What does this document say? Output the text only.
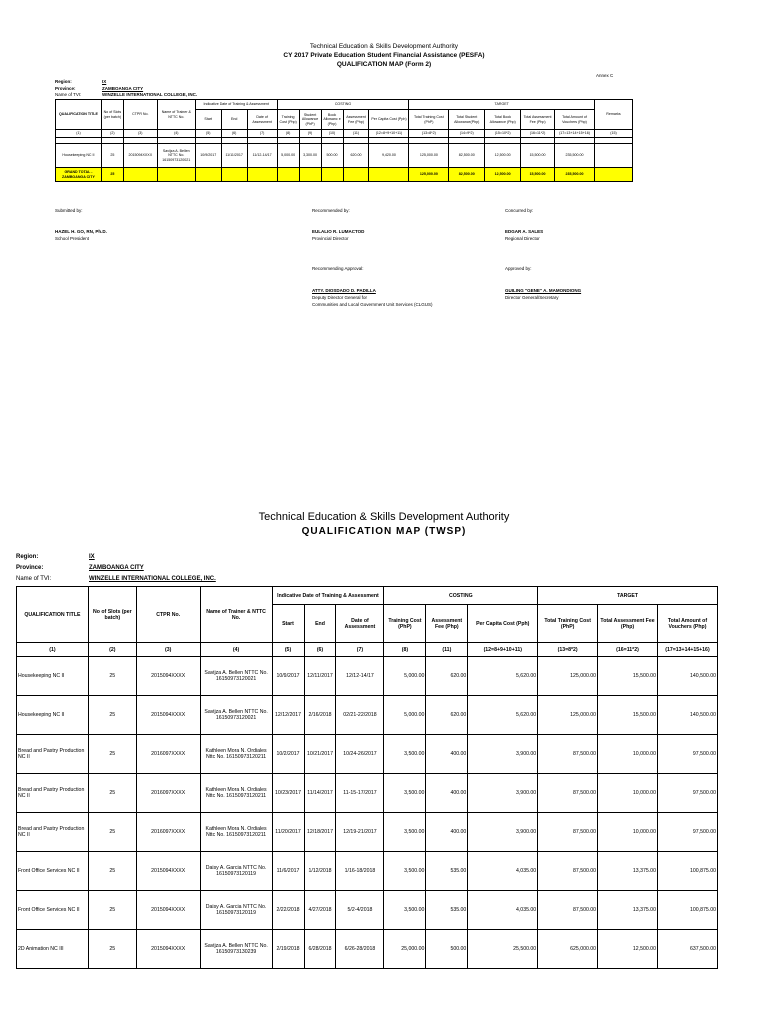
Technical Education & Skills Development Authority
CY 2017 Private Education Student Financial Assistance (PESFA)
QUALIFICATION MAP (Form 2)
Annex C
Region:	IX
Province:	ZAMBOANGA CITY
Name of TVI:	WINZELLE INTERNATIONAL COLLEGE, INC.
QUALIFICATION TITLE	No of Slots (per batch)	CTPR No.	Name of Trainer & NTTC No.	Indicative Date of Training & Assessment			COSTING					TARGET					Remarks
				Start	End	Date of Assessment	Training Cost (Php)	Student Allowance (PhP)	Book Allowanc e (Php)	Assessment Fee (Php)	Per Capita Cost (Pph)	Total Training Cost (PhP)	Total Student Allowance(Php)	Total Book Allowance (Php)	Total Assessment Fee (Php)	Total Amount of Vouchers (Php)	
(1)	(2)	(3)	(4)	(5)	(6)	(7)	(8)	(9)	(10)	(11)	(12=8+9+10+11)	(13=8*2)	(14=9*2)	(15=10*2)	(16=11*2)	(17=13+14+15+16)	(15)

Housekeeping NC II	25	2015094XXXX	Savijza A. Bellen NTTC No. 16150973120021	10/9/2017	11/11/2017	11/12-14/17	5,000.00	3,300.00	500.00	620.00	9,420.00	125,000.00	82,500.00	12,500.00	15,500.00	235,500.00	
GRAND TOTAL - ZAMBOANGA CITY	25											125,000.00	82,500.00	12,500.00	15,500.00	235,500.00	
Submitted by:
HAZEL H. GO, RN, Ph.D.
School President
Recommended by:
EULALIO R. LUMACTOD
Provincial Director
Concurred by:
EDGAR A. SALES
Regional Director
Recommending Approval:
ATTY. DIOSDADO D. PADILLA
Deputy Director General for
Communities and Local Government Unit Services (CLGUS)
Approved by:
GUILING "GENE" A. MAMONDIONG
Director General/Secretary
Technical Education & Skills Development Authority
QUALIFICATION MAP (TWSP)
Region:	IX
Province:	ZAMBOANGA CITY
Name of TVI:	WINZELLE INTERNATIONAL COLLEGE, INC.
QUALIFICATION TITLE	No of Slots (per batch)	CTPR No.	Name of Trainer & NTTC No.	Indicative Date of Training & Assessment			COSTING			TARGET		
				Start	End	Date of Assessment	Training Cost (PhP)	Assessment Fee (Php)	Per Capita Cost (Pph)	Total Training Cost (PhP)	Total Assessment Fee (Php)	Total Amount of Vouchers (Php)
(1)	(2)	(3)	(4)	(5)	(6)	(7)	(8)	(11)	(12=8+9+10+11)	(13=8*2)	(16=11*2)	(17=13+14+15+16)
Housekeeping NC II	25	2015094XXXX	Savijza A. Bellen NTTC No. 16150973120021	10/9/2017	12/11/2017	12/12-14/17	5,000.00	620.00	5,620.00	125,000.00	15,500.00	140,500.00
Housekeeping NC II	25	2015094XXXX	Savijza A. Bellen NTTC No. 16150973120021	12/12/2017	2/16/2018	02/21-22/2018	5,000.00	620.00	5,620.00	125,000.00	15,500.00	140,500.00
Bread and Pastry Production NC II	25	2016097XXXX	Kathleen Mora N. Ordiales Nttc No. 16150973120211	10/2/2017	10/21/2017	10/24-26/2017	3,500.00	400.00	3,900.00	87,500.00	10,000.00	97,500.00
Bread and Pastry Production NC II	25	2016097XXXX	Kathleen Mora N. Ordiales Nttc No. 16150973120211	10/23/2017	11/14/2017	11-15-17/2017	3,500.00	400.00	3,900.00	87,500.00	10,000.00	97,500.00
Bread and Pastry Production NC II	25	2016097XXXX	Kathleen Mora N. Ordiales Nttc No. 16150973120211	11/20/2017	12/18/2017	12/19-21/2017	3,500.00	400.00	3,900.00	87,500.00	10,000.00	97,500.00
Front Office Services NC II	25	2015094XXXX	Daisy A. Garcia NTTC No. 16150973120119	11/6/2017	1/12/2018	1/16-18/2018	3,500.00	535.00	4,035.00	87,500.00	13,375.00	100,875.00
Front Office Services NC II	25	2015094XXXX	Daisy A. Garcia NTTC No. 16150973120119	2/22/2018	4/27/2018	5/2-4/2018	3,500.00	535.00	4,035.00	87,500.00	13,375.00	100,875.00
2D Animation NC III	25	2015094XXXX	Savijza A. Bellen NTTC No. 16150973130239	2/19/2018	6/28/2018	6/26-28/2018	25,000.00	500.00	25,500.00	625,000.00	12,500.00	637,500.00
